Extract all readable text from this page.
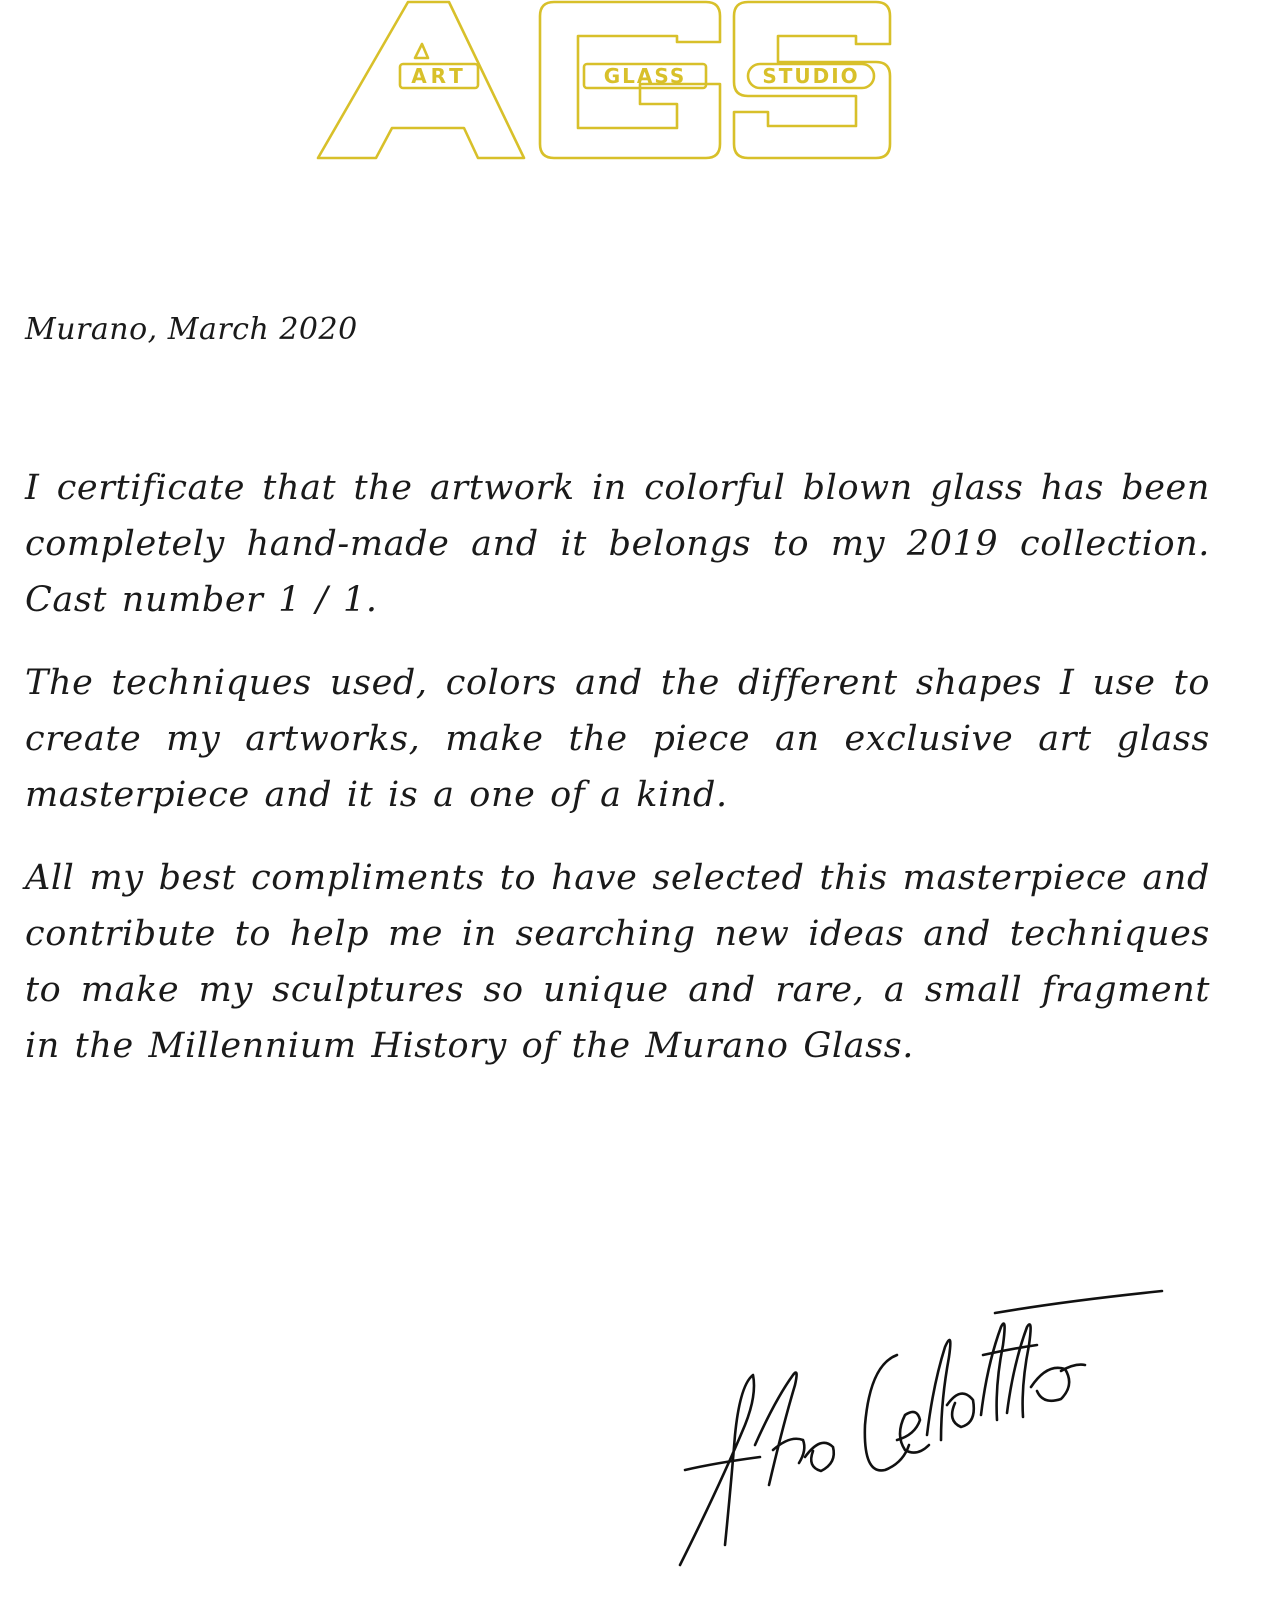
ART	GLASS	STUDIO
Murano, March 2020

I certificate that the artwork in colorful blown glass has been completely hand-made and it belongs to my 2019 collection. Cast number 1 / 1.

The techniques used, colors and the different shapes I use to create my artworks, make the piece an exclusive art glass masterpiece and it is a one of a kind.

All my best compliments to have selected this masterpiece and contribute to help me in searching new ideas and techniques to make my sculptures so unique and rare, a small fragment in the Millennium History of the Murano Glass.
